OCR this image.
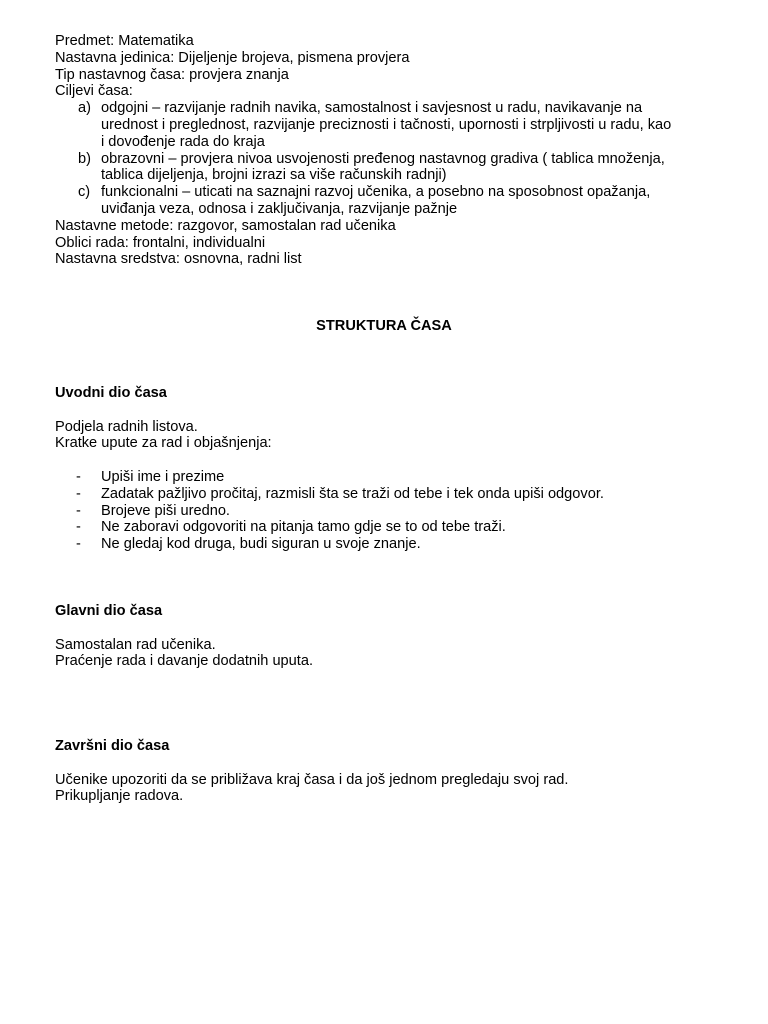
Predmet: Matematika
Nastavna jedinica: Dijeljenje brojeva, pismena provjera
Tip nastavnog časa: provjera znanja
Ciljevi časa:
a) odgojni – razvijanje radnih navika, samostalnost i savjesnost u radu, navikavanje na
urednost i preglednost, razvijanje preciznosti i tačnosti, upornosti i strpljivosti u radu, kao
i dovođenje rada do kraja
b) obrazovni – provjera nivoa usvojenosti pređenog nastavnog gradiva ( tablica množenja,
tablica dijeljenja, brojni izrazi sa više računskih radnji)
c) funkcionalni – uticati na saznajni razvoj učenika, a posebno na sposobnost opažanja,
uviđanja veza, odnosa i zaključivanja, razvijanje pažnje
Nastavne metode: razgovor, samostalan rad učenika
Oblici rada: frontalni, individualni
Nastavna sredstva: osnovna, radni list
STRUKTURA ČASA
Uvodni dio časa

Podjela radnih listova.

Kratke upute za rad i objašnjenja:

- Upiši ime i prezime
- Zadatak pažljivo pročitaj, razmisli šta se traži od tebe i tek onda upiši odgovor.
- Brojeve piši uredno.
- Ne zaboravi odgovoriti na pitanja tamo gdje se to od tebe traži.
- Ne gledaj kod druga, budi siguran u svoje znanje.
Glavni dio časa

Samostalan rad učenika.

Praćenje rada i davanje dodatnih uputa.

Završni dio časa

Učenike upozoriti da se približava kraj časa i da još jednom pregledaju svoj rad.

Prikupljanje radova.
